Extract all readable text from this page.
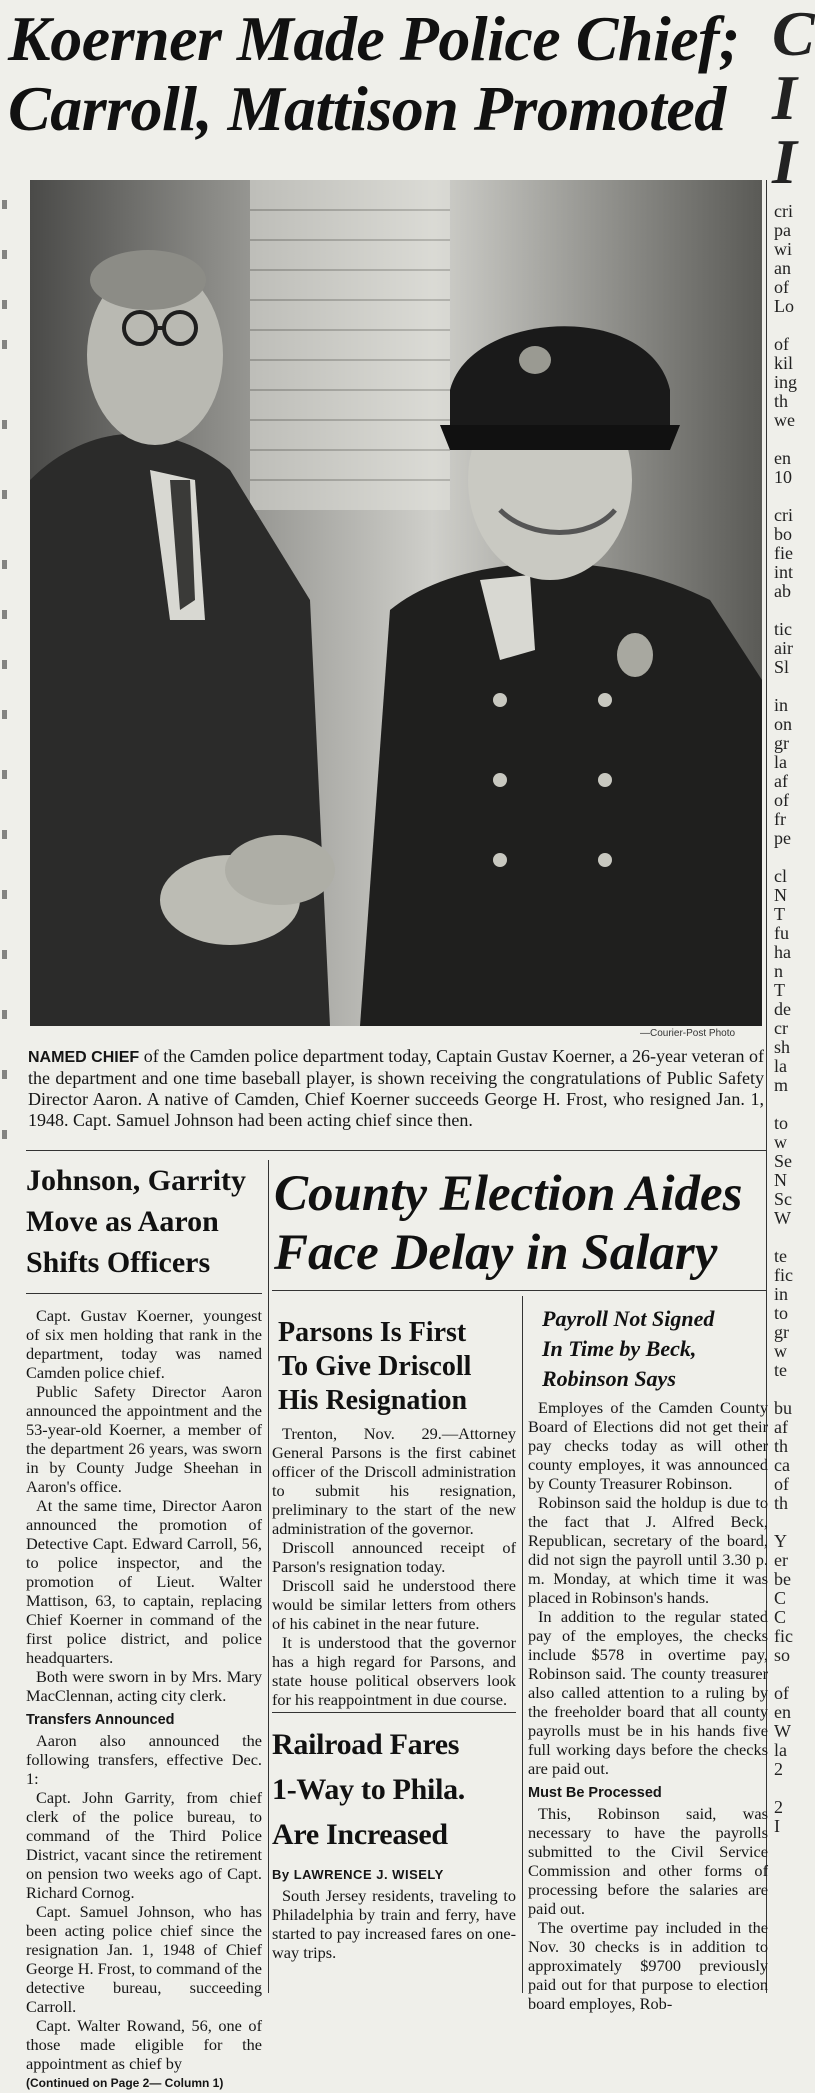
C
I
I
cri
pa
wi
an
of
Lo

of
kil
ing
th
we

en
10

cri
bo
fie
int
ab

tic
air
Sl

in
on
gr
la
af
of
fr
pe

cl
N
T
fu
ha
n
T
de
cr
sh
la
m

to
w
Se
N
Sc
W

te
fic
in
to
gr
w
te

bu
af
th
ca
of
th

Y
er
be
C
C
fic
so

of
en
W
la
2

2
I
Koerner Made Police Chief;
Carroll, Mattison Promoted
—Courier-Post Photo
NAMED CHIEF of the Camden police department today, Captain Gustav Koerner, a 26-year veteran of the department and one time baseball player, is shown receiving the congratulations of Public Safety Director Aaron. A native of Camden, Chief Koerner succeeds George H. Frost, who resigned Jan. 1, 1948. Capt. Samuel Johnson had been acting chief since then.
Johnson, Garrity
Move as Aaron
Shifts Officers

Capt. Gustav Koerner, youngest of six men holding that rank in the department, today was named Camden police chief.

Public Safety Director Aaron announced the appointment and the 53-year-old Koerner, a member of the department 26 years, was sworn in by County Judge Sheehan in Aaron's office.

At the same time, Director Aaron announced the promotion of Detective Capt. Edward Carroll, 56, to police inspector, and the promotion of Lieut. Walter Mattison, 63, to captain, replacing Chief Koerner in command of the first police district, and police headquarters.

Both were sworn in by Mrs. Mary MacClennan, acting city clerk.

Transfers Announced

Aaron also announced the following transfers, effective Dec. 1:

Capt. John Garrity, from chief clerk of the police bureau, to command of the Third Police District, vacant since the retirement on pension two weeks ago of Capt. Richard Cornog.

Capt. Samuel Johnson, who has been acting police chief since the resignation Jan. 1, 1948 of Chief George H. Frost, to command of the detective bureau, succeeding Carroll.

Capt. Walter Rowand, 56, one of those made eligible for the appointment as chief by

(Continued on Page 2— Column 1)
County Election Aides
Face Delay in Salary
Parsons Is First
To Give Driscoll
His Resignation

Trenton, Nov. 29.—Attorney General Parsons is the first cabinet officer of the Driscoll administration to submit his resignation, preliminary to the start of the new administration of the governor.

Driscoll announced receipt of Parson's resignation today.

Driscoll said he understood there would be similar letters from others of his cabinet in the near future.

It is understood that the governor has a high regard for Parsons, and state house political observers look for his reappointment in due course.

Railroad Fares
1-Way to Phila.
Are Increased
By LAWRENCE J. WISELY

South Jersey residents, traveling to Philadelphia by train and ferry, have started to pay increased fares on one-way trips.

Payroll Not Signed
In Time by Beck,
Robinson Says

Employes of the Camden County Board of Elections did not get their pay checks today as will other county employes, it was announced by County Treasurer Robinson.

Robinson said the holdup is due to the fact that J. Alfred Beck, Republican, secretary of the board, did not sign the payroll until 3.30 p. m. Monday, at which time it was placed in Robinson's hands.

In addition to the regular stated pay of the employes, the checks include $578 in overtime pay, Robinson said. The county treasurer also called attention to a ruling by the freeholder board that all county payrolls must be in his hands five full working days before the checks are paid out.

Must Be Processed

This, Robinson said, was necessary to have the payrolls submitted to the Civil Service Commission and other forms of processing before the salaries are paid out.

The overtime pay included in the Nov. 30 checks is in addition to approximately $9700 previously paid out for that purpose to election board employes, Rob-
